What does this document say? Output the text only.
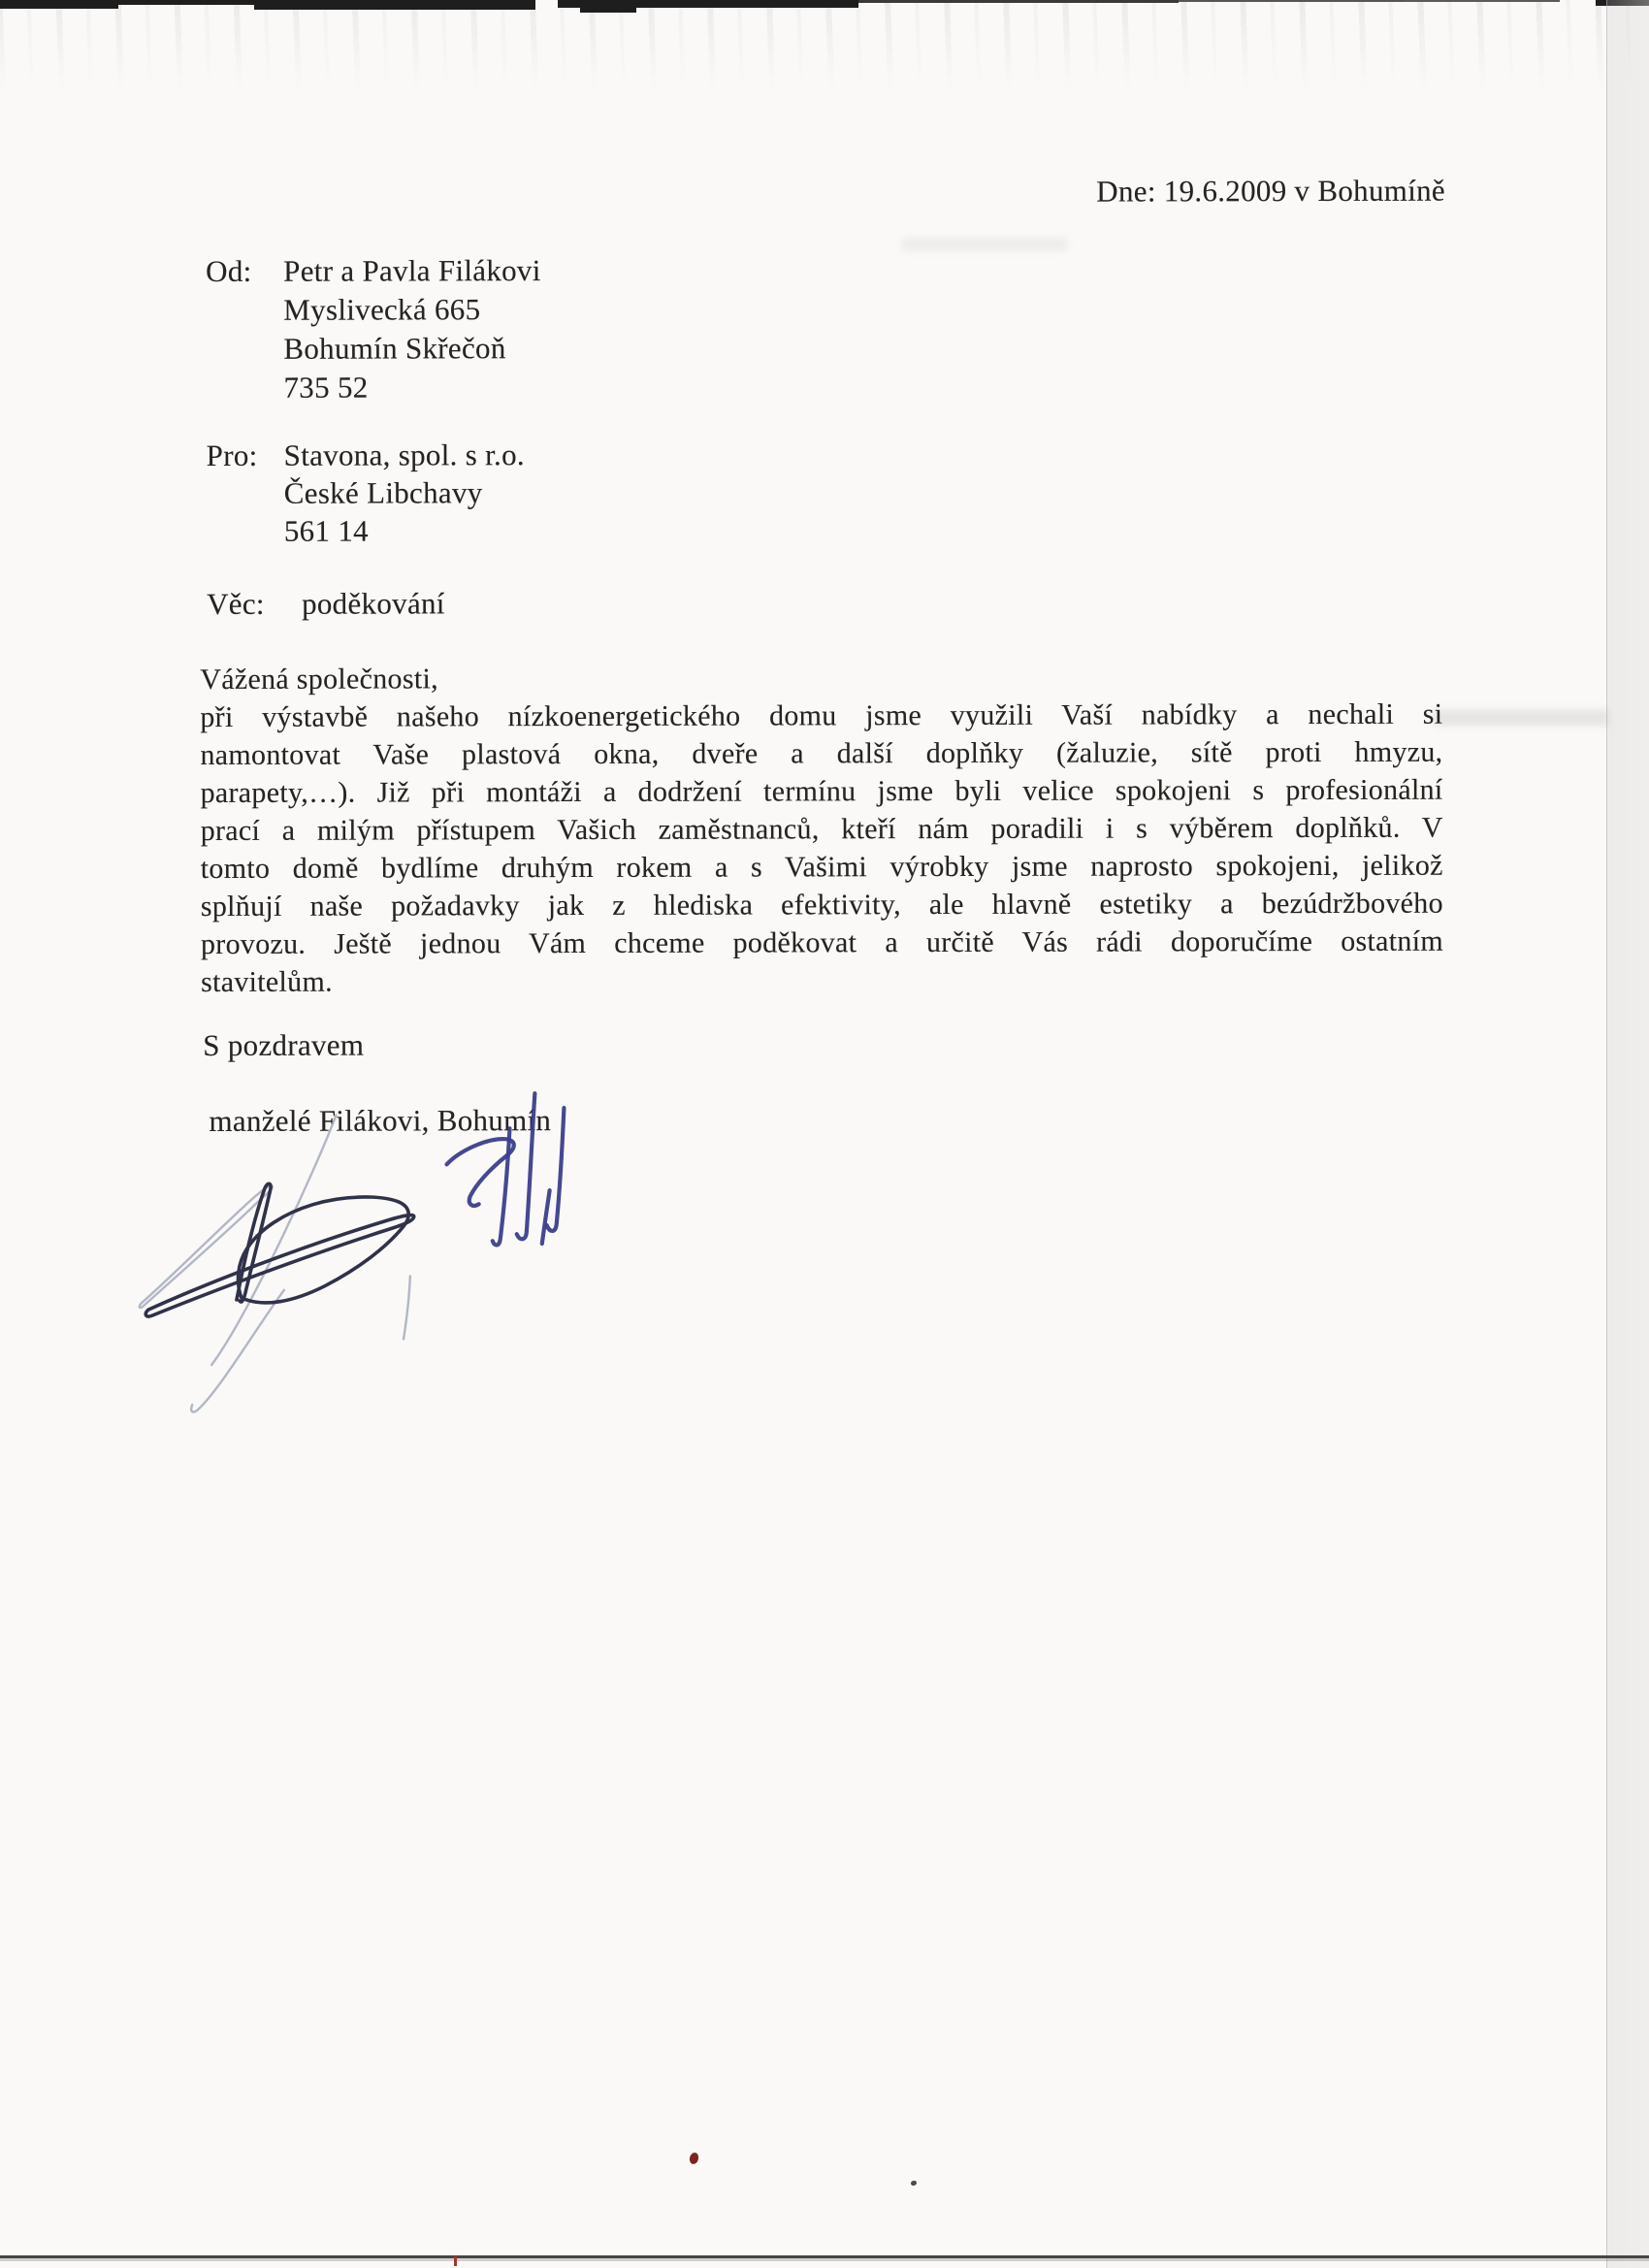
Dne: 19.6.2009 v Bohumíně
Od: Petr a Pavla Filákovi
Myslivecká 665
Bohumín Skřečoň
735 52
Pro: Stavona, spol. s r.o.
České Libchavy
561 14
Věc: poděkování
Vážená společnosti,
při výstavbě našeho nízkoenergetického domu jsme využili Vaší nabídky a nechali si
namontovat Vaše plastová okna, dveře a další doplňky (žaluzie, sítě proti hmyzu,
parapety,…). Již při montáži a dodržení termínu jsme byli velice spokojeni s profesionální
prací a milým přístupem Vašich zaměstnanců, kteří nám poradili i s výběrem doplňků. V
tomto domě bydlíme druhým rokem a s Vašimi výrobky jsme naprosto spokojeni, jelikož
splňují naše požadavky jak z hlediska efektivity, ale hlavně estetiky a bezúdržbového
provozu. Ještě jednou Vám chceme poděkovat a určitě Vás rádi doporučíme ostatním
stavitelům.
S pozdravem
manželé Filákovi, Bohumín
